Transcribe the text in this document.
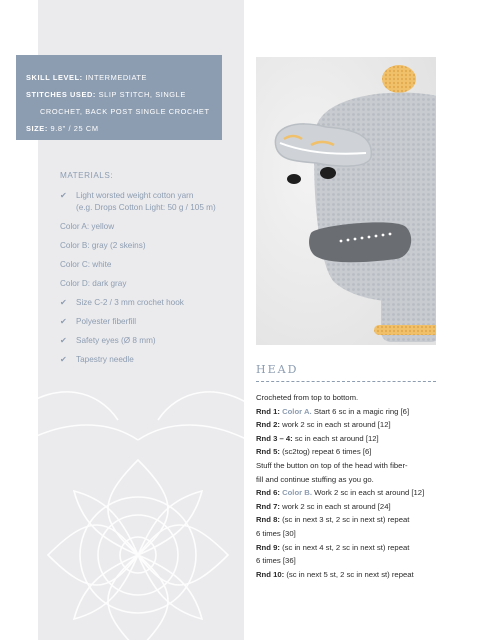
SKILL LEVEL: INTERMEDIATE
STITCHES USED: SLIP STITCH, SINGLE
CROCHET, BACK POST SINGLE CROCHET
SIZE: 9.8" / 25 CM
MATERIALS:
✔	Light worsted weight cotton yarn
(e.g. Drops Cotton Light: 50 g / 105 m)
Color A: yellow
Color B: gray (2 skeins)
Color C: white
Color D: dark gray
✔	Size C-2 / 3 mm crochet hook
✔	Polyester fiberfill
✔	Safety eyes (Ø 8 mm)
✔	Tapestry needle
HEAD
Crocheted from top to bottom.
Rnd 1: Color A. Start 6 sc in a magic ring [6]
Rnd 2: work 2 sc in each st around [12]
Rnd 3 – 4: sc in each st around [12]
Rnd 5: (sc2tog) repeat 6 times [6]
Stuff the button on top of the head with fiber-
fill and continue stuffing as you go.
Rnd 6: Color B. Work 2 sc in each st around [12]
Rnd 7: work 2 sc in each st around [24]
Rnd 8: (sc in next 3 st, 2 sc in next st) repeat
6 times [30]
Rnd 9: (sc in next 4 st, 2 sc in next st) repeat
6 times [36]
Rnd 10: (sc in next 5 st, 2 sc in next st) repeat
